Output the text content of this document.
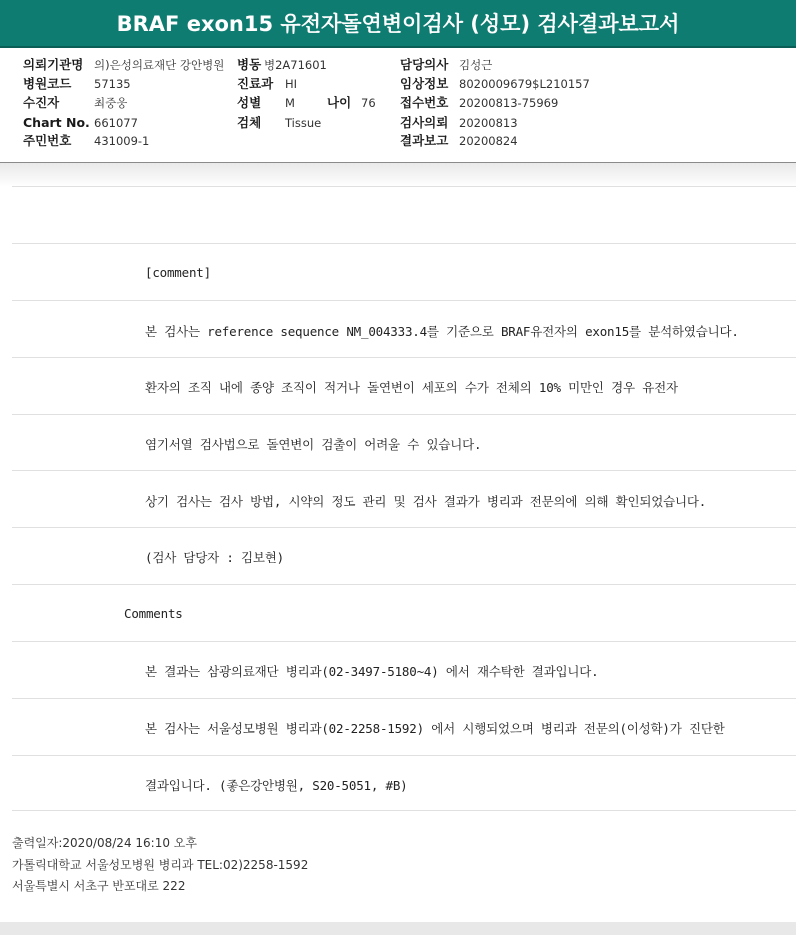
BRAF exon15 유전자돌연변이검사 (성모) 검사결과보고서
의뢰기관명 의)은성의료재단 강안병원 병동 병2A71601	담당의사 김성근
병원코드 57135	진료과 HI	임상정보 8020009679$L210157
수진자	최중웅	성별 M	나이 76 접수번호 20200813-75969
Chart No. 661077	검체 Tissue	검사의뢰 20200813
주민번호 431009-1	결과보고 20200824
[comment]
본 검사는 reference sequence NM_004333.4를 기준으로 BRAF유전자의 exon15를 분석하였습니다.
환자의 조직 내에 종양 조직이 적거나 돌연변이 세포의 수가 전체의 10% 미만인 경우 유전자
염기서열 검사법으로 돌연변이 검출이 어려울 수 있습니다.
상기 검사는 검사 방법, 시약의 정도 관리 및 검사 결과가 병리과 전문의에 의해 확인되었습니다.
(검사 담당자 : 김보현)
Comments
본 결과는 삼광의료재단 병리과(02-3497-5180~4) 에서 재수탁한 결과입니다.
본 검사는 서울성모병원 병리과(02-2258-1592) 에서 시행되었으며 병리과 전문의(이성학)가 진단한
결과입니다. (좋은강안병원, S20-5051, #B)
출력일자:2020/08/24 16:10 오후
가톨릭대학교 서울성모병원 병리과 TEL:02)2258-1592
서울특별시 서초구 반포대로 222
